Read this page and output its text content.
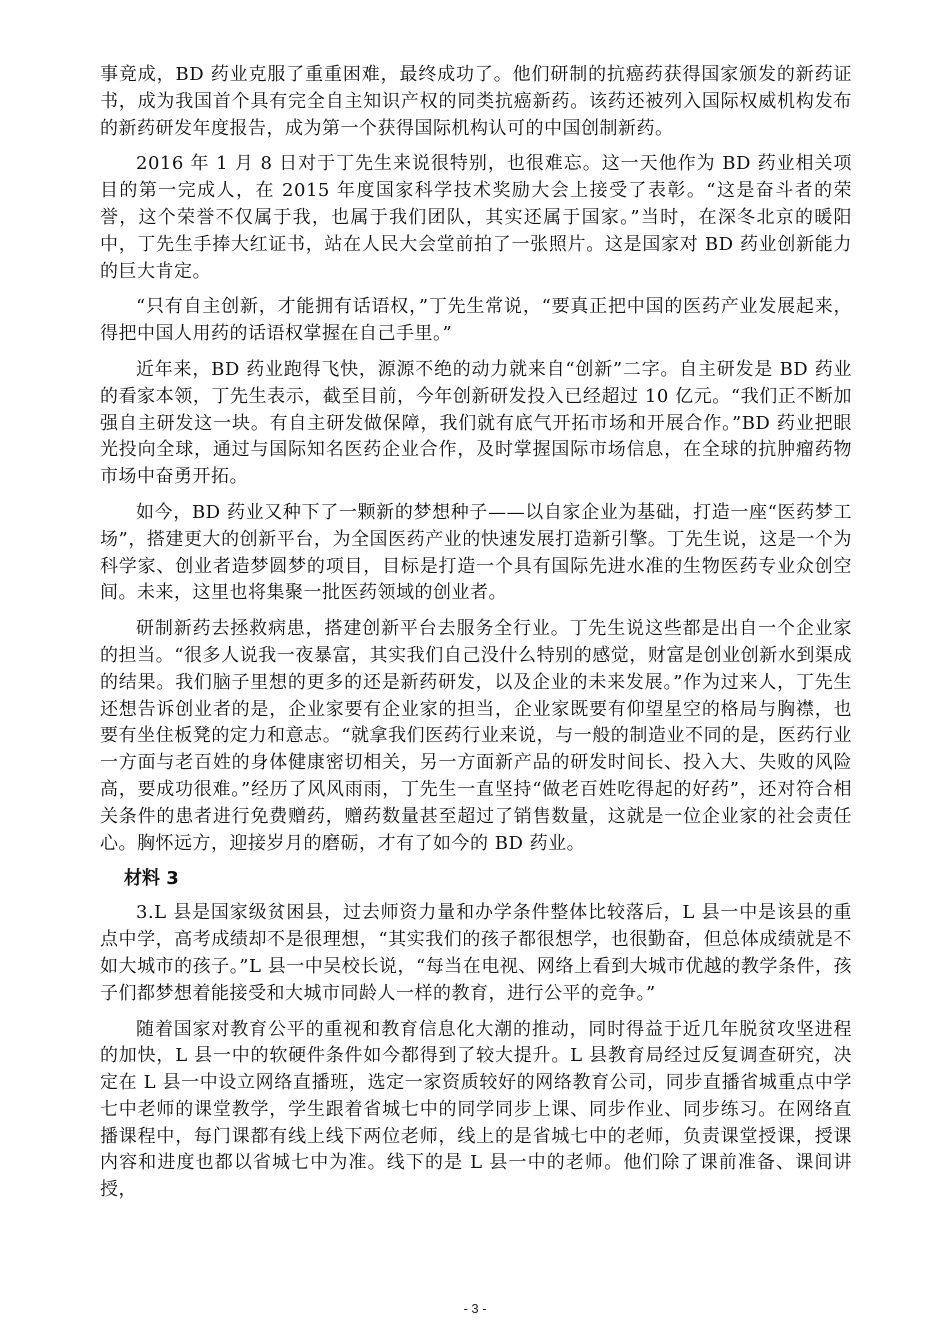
事竟成，BD 药业克服了重重困难，最终成功了。他们研制的抗癌药获得国家颁发的新药证书，成为我国首个具有完全自主知识产权的同类抗癌新药。该药还被列入国际权威机构发布的新药研发年度报告，成为第一个获得国际机构认可的中国创制新药。

2016 年 1 月 8 日对于丁先生来说很特别，也很难忘。这一天他作为 BD 药业相关项目的第一完成人，在 2015 年度国家科学技术奖励大会上接受了表彰。“这是奋斗者的荣誉，这个荣誉不仅属于我，也属于我们团队，其实还属于国家。”当时，在深冬北京的暖阳中，丁先生手捧大红证书，站在人民大会堂前拍了一张照片。这是国家对 BD 药业创新能力的巨大肯定。

“只有自主创新，才能拥有话语权，”丁先生常说，“要真正把中国的医药产业发展起来，得把中国人用药的话语权掌握在自己手里。”

近年来，BD 药业跑得飞快，源源不绝的动力就来自“创新”二字。自主研发是 BD 药业的看家本领，丁先生表示，截至目前，今年创新研发投入已经超过 10 亿元。“我们正不断加强自主研发这一块。有自主研发做保障，我们就有底气开拓市场和开展合作。”BD 药业把眼光投向全球，通过与国际知名医药企业合作，及时掌握国际市场信息，在全球的抗肿瘤药物市场中奋勇开拓。

如今，BD 药业又种下了一颗新的梦想种子——以自家企业为基础，打造一座“医药梦工场”，搭建更大的创新平台，为全国医药产业的快速发展打造新引擎。丁先生说，这是一个为科学家、创业者造梦圆梦的项目，目标是打造一个具有国际先进水准的生物医药专业众创空间。未来，这里也将集聚一批医药领域的创业者。

研制新药去拯救病患，搭建创新平台去服务全行业。丁先生说这些都是出自一个企业家的担当。“很多人说我一夜暴富，其实我们自己没什么特别的感觉，财富是创业创新水到渠成的结果。我们脑子里想的更多的还是新药研发，以及企业的未来发展。”作为过来人，丁先生还想告诉创业者的是，企业家要有企业家的担当，企业家既要有仰望星空的格局与胸襟，也要有坐住板凳的定力和意志。“就拿我们医药行业来说，与一般的制造业不同的是，医药行业一方面与老百姓的身体健康密切相关，另一方面新产品的研发时间长、投入大、失败的风险高，要成功很难。”经历了风风雨雨，丁先生一直坚持“做老百姓吃得起的好药”，还对符合相关条件的患者进行免费赠药，赠药数量甚至超过了销售数量，这就是一位企业家的社会责任心。胸怀远方，迎接岁月的磨砺，才有了如今的 BD 药业。

材料 3

3.L 县是国家级贫困县，过去师资力量和办学条件整体比较落后，L 县一中是该县的重点中学，高考成绩却不是很理想，“其实我们的孩子都很想学，也很勤奋，但总体成绩就是不如大城市的孩子。”L 县一中吴校长说，“每当在电视、网络上看到大城市优越的教学条件，孩子们都梦想着能接受和大城市同龄人一样的教育，进行公平的竞争。”

随着国家对教育公平的重视和教育信息化大潮的推动，同时得益于近几年脱贫攻坚进程的加快，L 县一中的软硬件条件如今都得到了较大提升。L 县教育局经过反复调查研究，决定在 L 县一中设立网络直播班，选定一家资质较好的网络教育公司，同步直播省城重点中学七中老师的课堂教学，学生跟着省城七中的同学同步上课、同步作业、同步练习。在网络直播课程中，每门课都有线上线下两位老师，线上的是省城七中的老师，负责课堂授课，授课内容和进度也都以省城七中为准。线下的是 L 县一中的老师。他们除了课前准备、课间讲授，

- 3 -
